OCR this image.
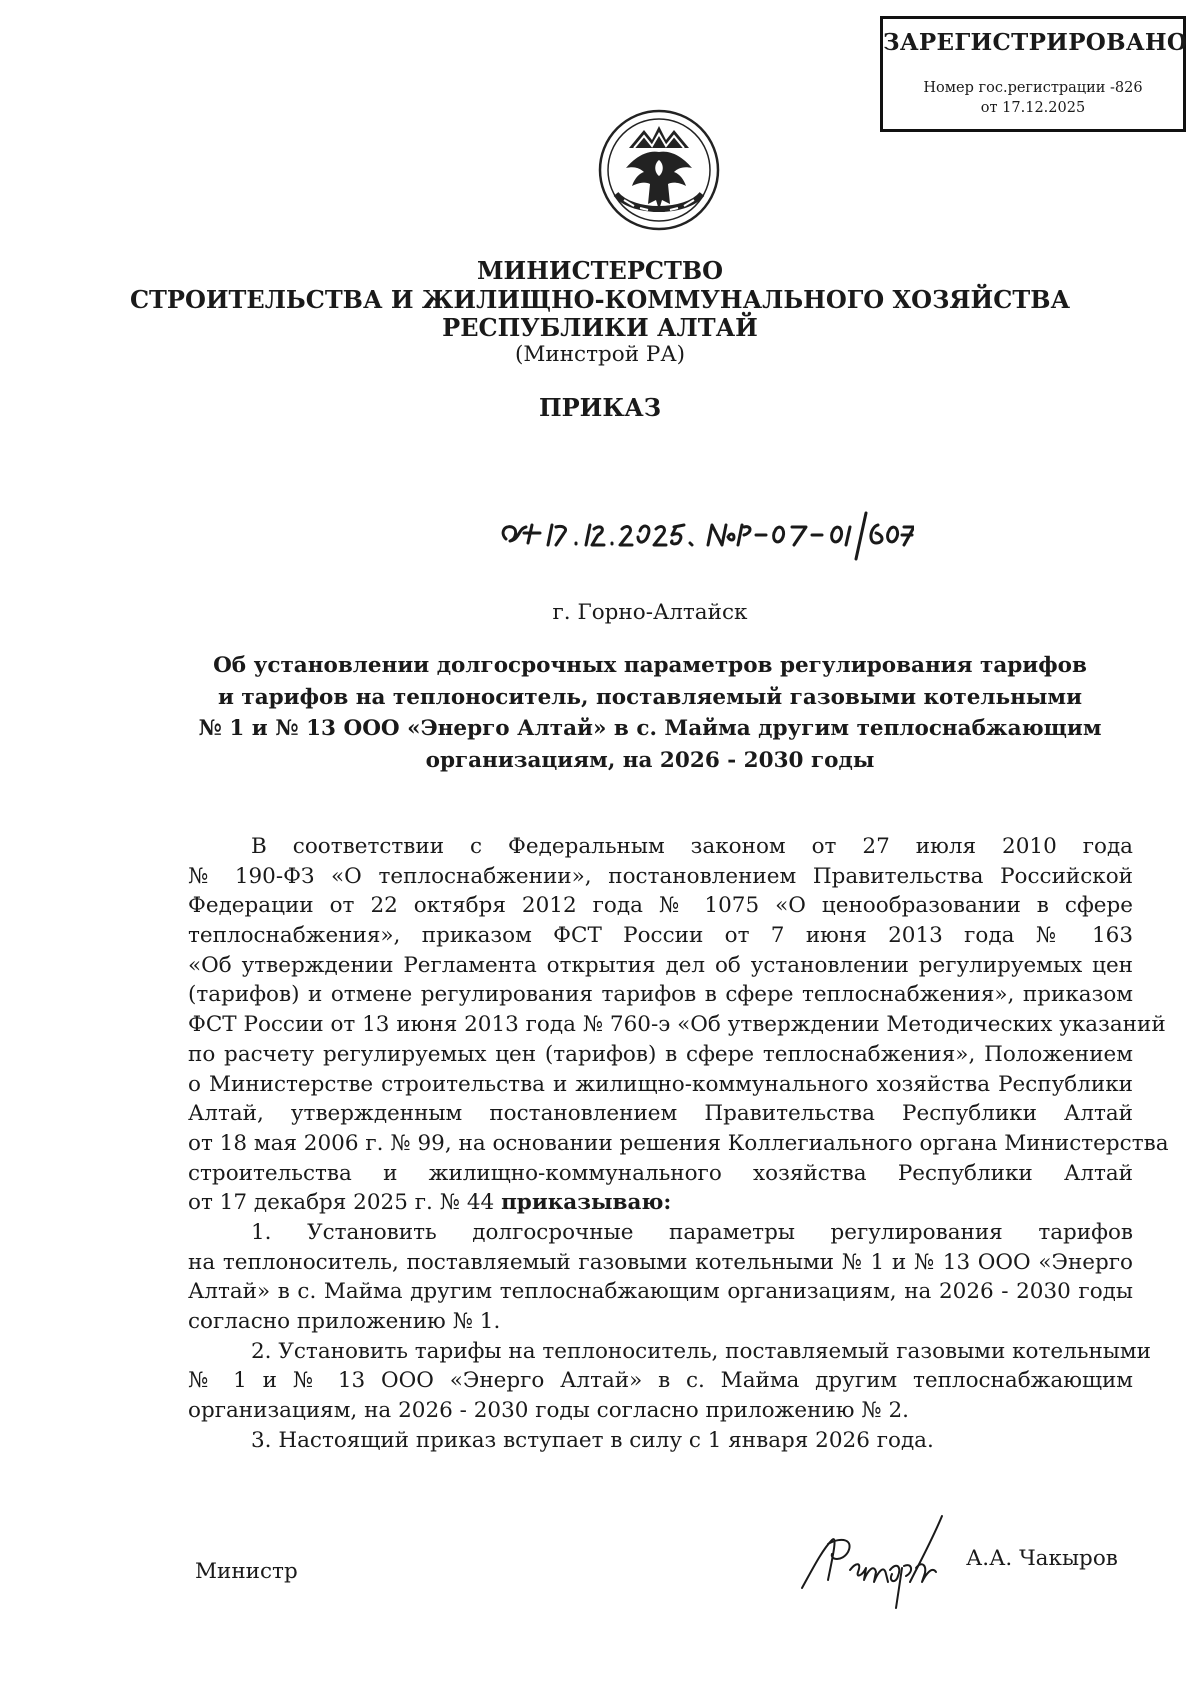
ЗАРЕГИСТРИРОВАНО
Номер гос.регистрации -826
от 17.12.2025
МИНИСТЕРСТВО
СТРОИТЕЛЬСТВА И ЖИЛИЩНО-КОММУНАЛЬНОГО ХОЗЯЙСТВА
РЕСПУБЛИКИ АЛТАЙ
(Минстрой РА)
ПРИКАЗ
г. Горно-Алтайск
Об установлении долгосрочных параметров регулирования тарифов
и тарифов на теплоноситель, поставляемый газовыми котельными
№ 1 и № 13 ООО «Энерго Алтай» в с. Майма другим теплоснабжающим
организациям, на 2026 - 2030 годы
В соответствии с Федеральным законом от 27 июля 2010 года
№ 190-ФЗ «О теплоснабжении», постановлением Правительства Российской
Федерации от 22 октября 2012 года № 1075 «О ценообразовании в сфере
теплоснабжения», приказом ФСТ России от 7 июня 2013 года № 163
«Об утверждении Регламента открытия дел об установлении регулируемых цен
(тарифов) и отмене регулирования тарифов в сфере теплоснабжения», приказом
ФСТ России от 13 июня 2013 года № 760-э «Об утверждении Методических указаний
по расчету регулируемых цен (тарифов) в сфере теплоснабжения», Положением
о Министерстве строительства и жилищно-коммунального хозяйства Республики
Алтай, утвержденным постановлением Правительства Республики Алтай
от 18 мая 2006 г. № 99, на основании решения Коллегиального органа Министерства
строительства и жилищно-коммунального хозяйства Республики Алтай
от 17 декабря 2025 г. № 44 приказываю:
1. Установить долгосрочные параметры регулирования тарифов
на теплоноситель, поставляемый газовыми котельными № 1 и № 13 ООО «Энерго
Алтай» в с. Майма другим теплоснабжающим организациям, на 2026 - 2030 годы
согласно приложению № 1.
2. Установить тарифы на теплоноситель, поставляемый газовыми котельными
№ 1 и № 13 ООО «Энерго Алтай» в с. Майма другим теплоснабжающим
организациям, на 2026 - 2030 годы согласно приложению № 2.
3. Настоящий приказ вступает в силу с 1 января 2026 года.
Министр
А.А. Чакыров
